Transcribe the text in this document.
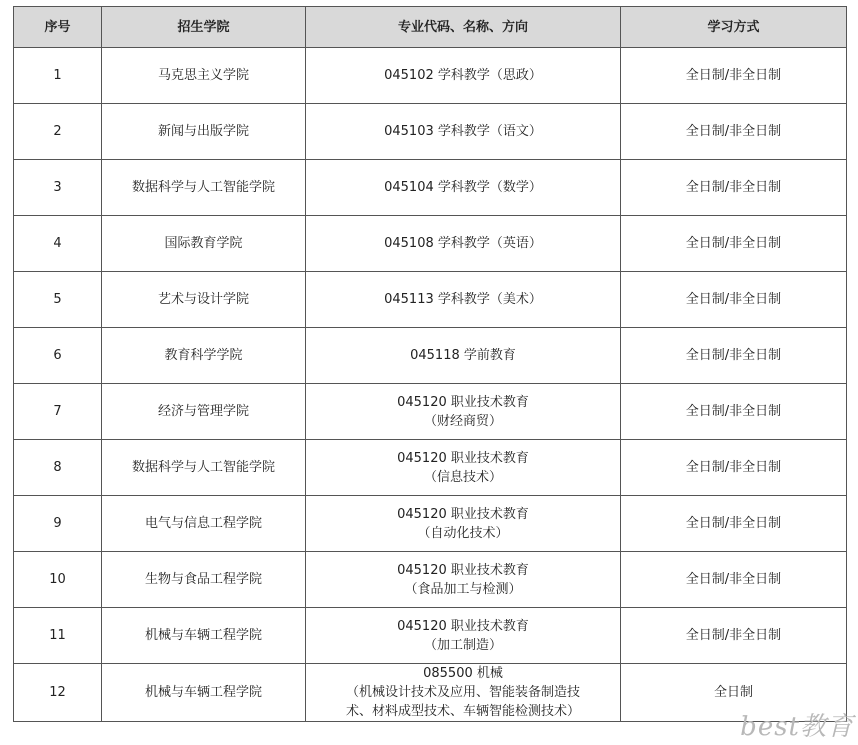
序号	招生学院	专业代码、名称、方向	学习方式
1	马克思主义学院	045102 学科教学（思政）	全日制/非全日制
2	新闻与出版学院	045103 学科教学（语文）	全日制/非全日制
3	数据科学与人工智能学院	045104 学科教学（数学）	全日制/非全日制
4	国际教育学院	045108 学科教学（英语）	全日制/非全日制
5	艺术与设计学院	045113 学科教学（美术）	全日制/非全日制
6	教育科学学院	045118 学前教育	全日制/非全日制
7	经济与管理学院	045120 职业技术教育
（财经商贸）	全日制/非全日制
8	数据科学与人工智能学院	045120 职业技术教育
（信息技术）	全日制/非全日制
9	电气与信息工程学院	045120 职业技术教育
（自动化技术）	全日制/非全日制
10	生物与食品工程学院	045120 职业技术教育
（食品加工与检测）	全日制/非全日制
11	机械与车辆工程学院	045120 职业技术教育
（加工制造）	全日制/非全日制
12	机械与车辆工程学院	085500 机械
（机械设计技术及应用、智能装备制造技
术、材料成型技术、车辆智能检测技术）	全日制
best教育
